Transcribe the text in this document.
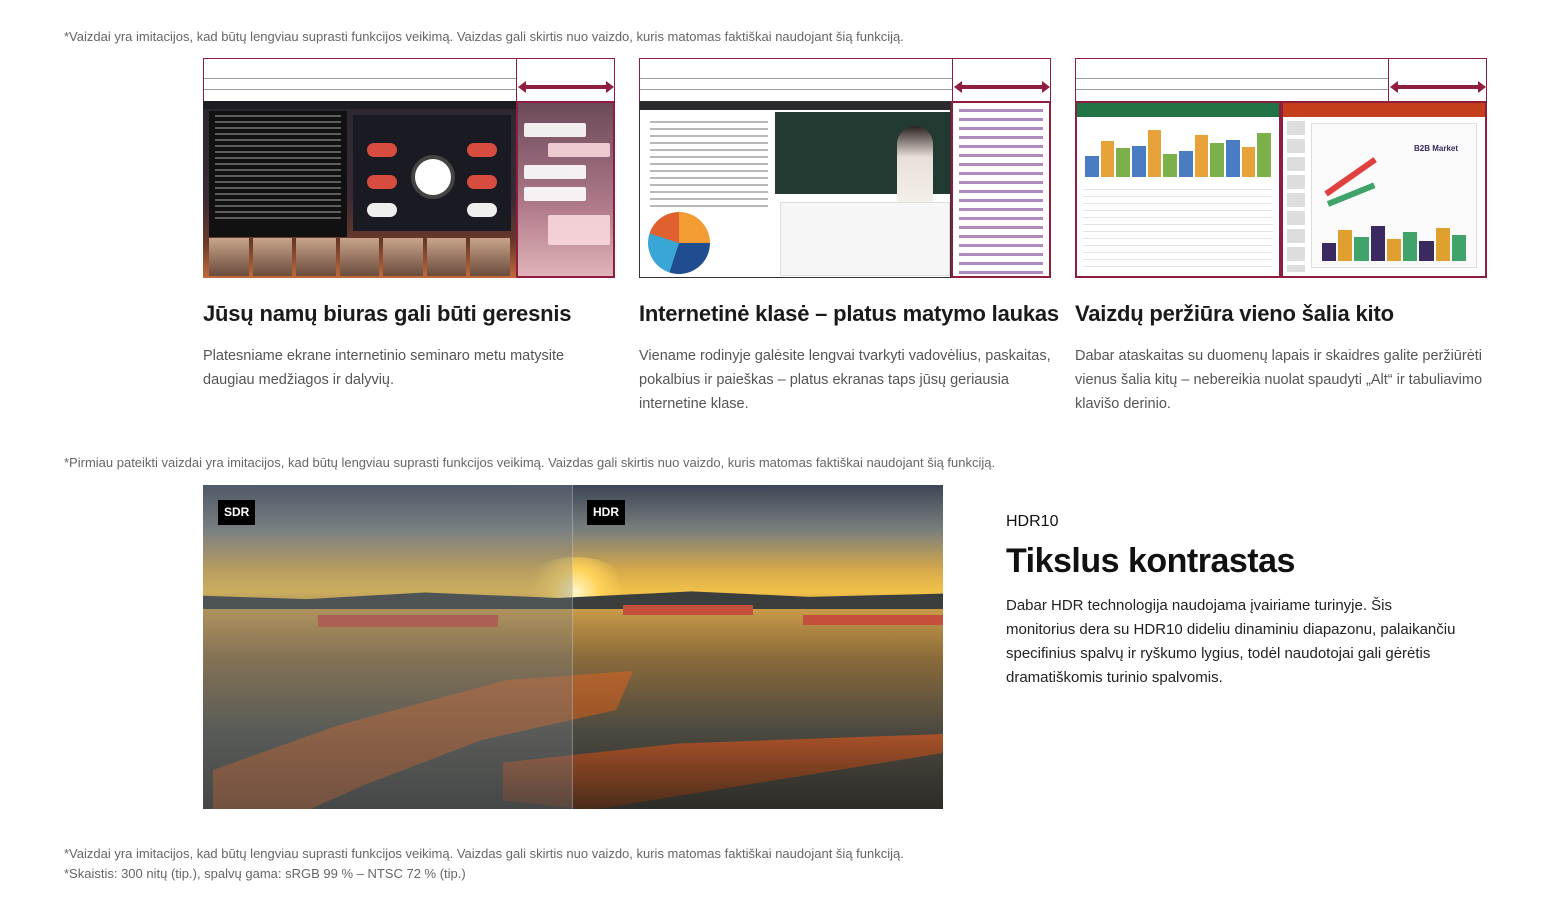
*Vaizdai yra imitacijos, kad būtų lengviau suprasti funkcijos veikimą. Vaizdas gali skirtis nuo vaizdo, kuris matomas faktiškai naudojant šią funkciją.
Jūsų namų biuras gali būti geresnis
Platesniame ekrane internetinio seminaro metu matysite daugiau medžiagos ir dalyvių.
Internetinė klasė – platus matymo laukas
Viename rodinyje galėsite lengvai tvarkyti vadovėlius, paskaitas, pokalbius ir paieškas – platus ekranas taps jūsų geriausia internetine klase.
B2B Market
Vaizdų peržiūra vieno šalia kito
Dabar ataskaitas su duomenų lapais ir skaidres galite peržiūrėti vienus šalia kitų – nebereikia nuolat spaudyti „Alt“ ir tabuliavimo klavišo derinio.
*Pirmiau pateikti vaizdai yra imitacijos, kad būtų lengviau suprasti funkcijos veikimą. Vaizdas gali skirtis nuo vaizdo, kuris matomas faktiškai naudojant šią funkciją.
SDR	HDR
HDR10
Tikslus kontrastas
Dabar HDR technologija naudojama įvairiame turinyje. Šis monitorius dera su HDR10 dideliu dinaminiu diapazonu, palaikančiu specifinius spalvų ir ryškumo lygius, todėl naudotojai gali gėrėtis dramatiškomis turinio spalvomis.
*Vaizdai yra imitacijos, kad būtų lengviau suprasti funkcijos veikimą. Vaizdas gali skirtis nuo vaizdo, kuris matomas faktiškai naudojant šią funkciją.
*Skaistis: 300 nitų (tip.), spalvų gama: sRGB 99 % – NTSC 72 % (tip.)
